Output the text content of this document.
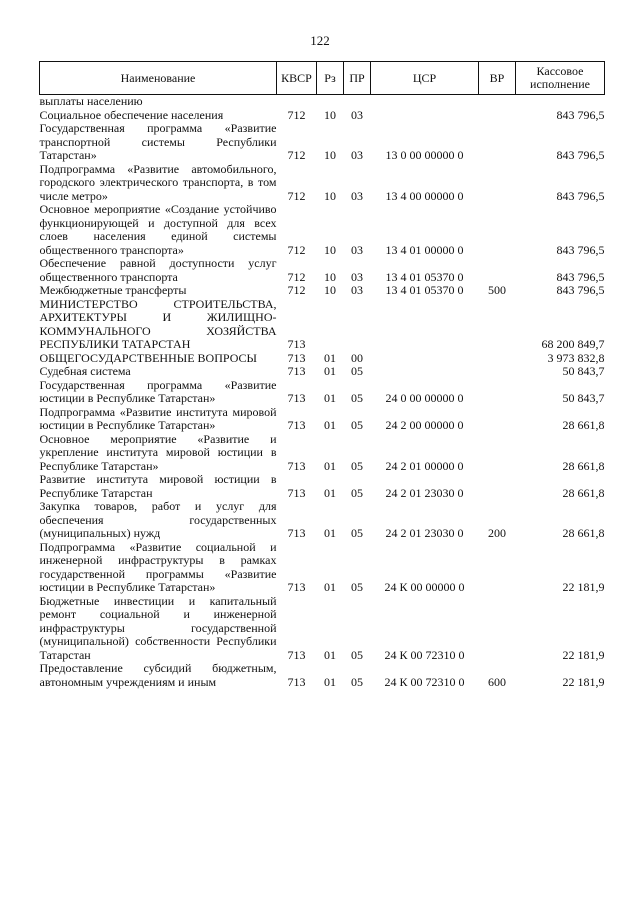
122
Наименование	КВСР	Рз	ПР	ЦСР	ВР	Кассовое исполнение
выплаты населению						
Социальное обеспечение населения	712	10	03			843 796,5
Государственная программа «Развитие транспортной системы Республики Татарстан»	712	10	03	13 0 00 00000 0		843 796,5
Подпрограмма «Развитие автомобильного, городского электрического транспорта, в том числе метро»	712	10	03	13 4 00 00000 0		843 796,5
Основное мероприятие «Создание устойчиво функционирующей и доступной для всех слоев населения единой системы общественного транспорта»	712	10	03	13 4 01 00000 0		843 796,5
Обеспечение равной доступности услуг общественного транспорта	712	10	03	13 4 01 05370 0		843 796,5
Межбюджетные трансферты	712	10	03	13 4 01 05370 0	500	843 796,5
МИНИСТЕРСТВО СТРОИТЕЛЬСТВА, АРХИТЕКТУРЫ И ЖИЛИЩНО-КОММУНАЛЬНОГО ХОЗЯЙСТВА РЕСПУБЛИКИ ТАТАРСТАН	713					68 200 849,7
ОБЩЕГОСУДАРСТВЕННЫЕ ВОПРОСЫ	713	01	00			3 973 832,8
Судебная система	713	01	05			50 843,7
Государственная программа «Развитие юстиции в Республике Татарстан»	713	01	05	24 0 00 00000 0		50 843,7
Подпрограмма «Развитие института мировой юстиции в Республике Татарстан»	713	01	05	24 2 00 00000 0		28 661,8
Основное мероприятие «Развитие и укрепление института мировой юстиции в Республике Татарстан»	713	01	05	24 2 01 00000 0		28 661,8
Развитие института мировой юстиции в Республике Татарстан	713	01	05	24 2 01 23030 0		28 661,8
Закупка товаров, работ и услуг для обеспечения государственных (муниципальных) нужд	713	01	05	24 2 01 23030 0	200	28 661,8
Подпрограмма «Развитие социальной и инженерной инфраструктуры в рамках государственной программы «Развитие юстиции в Республике Татарстан»	713	01	05	24 К 00 00000 0		22 181,9
Бюджетные инвестиции и капитальный ремонт социальной и инженерной инфраструктуры государственной (муниципальной) собственности Республики Татарстан	713	01	05	24 К 00 72310 0		22 181,9
Предоставление субсидий бюджетным, автономным учреждениям и иным	713	01	05	24 К 00 72310 0	600	22 181,9
